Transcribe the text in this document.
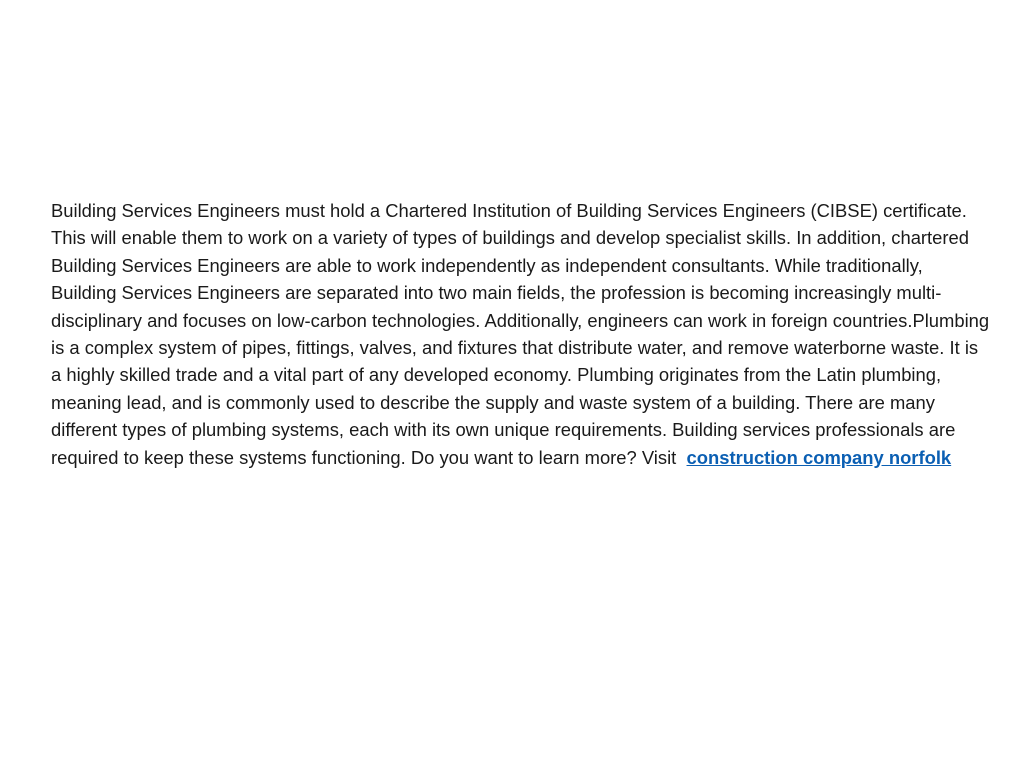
Building Services Engineers must hold a Chartered Institution of Building Services Engineers (CIBSE) certificate. This will enable them to work on a variety of types of buildings and develop specialist skills. In addition, chartered Building Services Engineers are able to work independently as independent consultants. While traditionally, Building Services Engineers are separated into two main fields, the profession is becoming increasingly multi-disciplinary and focuses on low-carbon technologies. Additionally, engineers can work in foreign countries.Plumbing is a complex system of pipes, fittings, valves, and fixtures that distribute water, and remove waterborne waste. It is a highly skilled trade and a vital part of any developed economy. Plumbing originates from the Latin plumbing, meaning lead, and is commonly used to describe the supply and waste system of a building. There are many different types of plumbing systems, each with its own unique requirements. Building services professionals are required to keep these systems functioning. Do you want to learn more? Visit construction company norfolk
